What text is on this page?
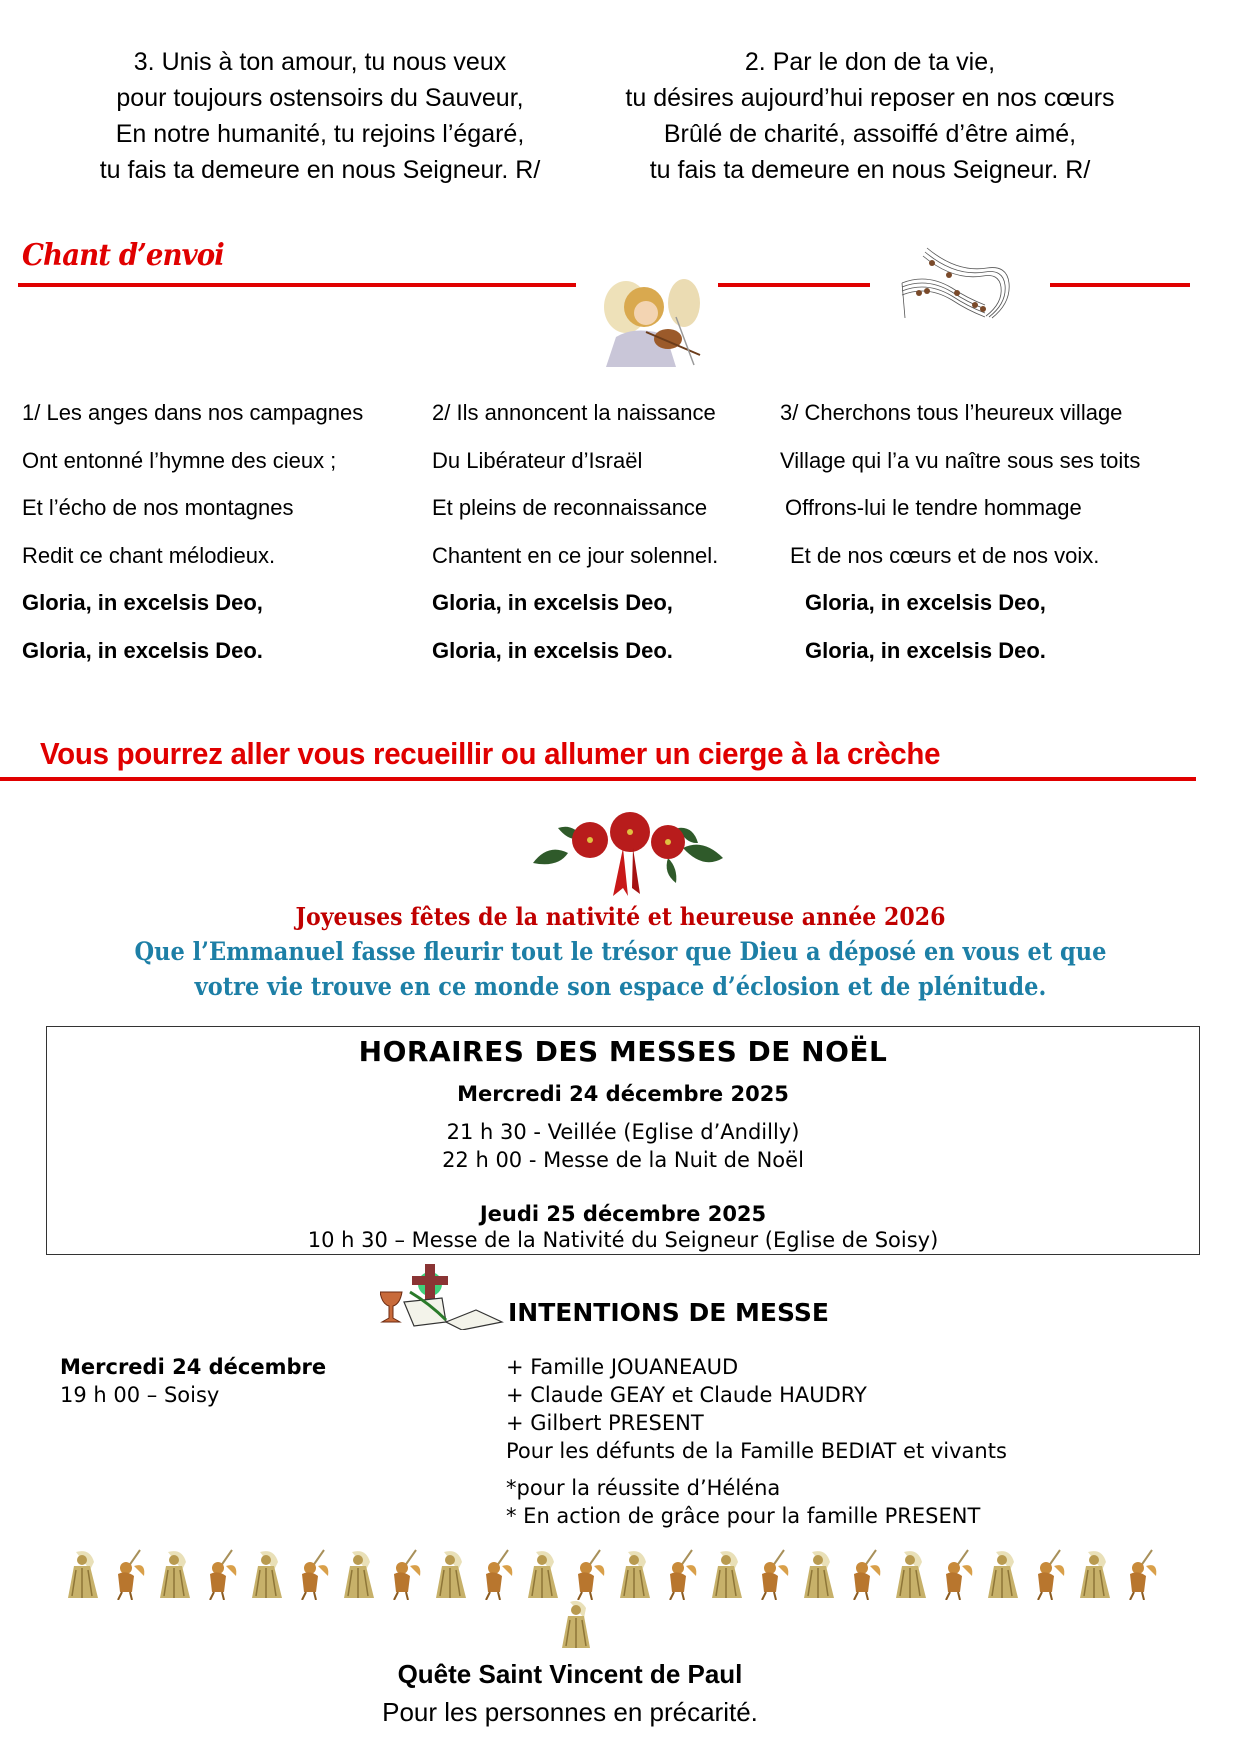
3. Unis à ton amour, tu nous veux
pour toujours ostensoirs du Sauveur,
En notre humanité, tu rejoins l’égaré,
tu fais ta demeure en nous Seigneur. R/
2. Par le don de ta vie,
tu désires aujourd’hui reposer en nos cœurs
Brûlé de charité, assoiffé d’être aimé,
tu fais ta demeure en nous Seigneur. R/
Chant d’envoi
1/ Les anges dans nos campagnes
Ont entonné l’hymne des cieux ;
Et l’écho de nos montagnes
Redit ce chant mélodieux.
Gloria, in excelsis Deo,
Gloria, in excelsis Deo.
2/ Ils annoncent la naissance
Du Libérateur d’Israël
Et pleins de reconnaissance
Chantent en ce jour solennel.
Gloria, in excelsis Deo,
Gloria, in excelsis Deo.
3/ Cherchons tous l’heureux village
Village qui l’a vu naître sous ses toits
Offrons-lui le tendre hommage
Et de nos cœurs et de nos voix.
Gloria, in excelsis Deo,
Gloria, in excelsis Deo.
Vous pourrez aller vous recueillir ou allumer un cierge à la crèche
Joyeuses fêtes de la nativité et heureuse année 2026
Que l’Emmanuel fasse fleurir tout le trésor que Dieu a déposé en vous et que
votre vie trouve en ce monde son espace d’éclosion et de plénitude.
HORAIRES DES MESSES DE NOËL
Mercredi 24 décembre 2025
21 h 30 - Veillée (Eglise d’Andilly)
22 h 00 - Messe de la Nuit de Noël
Jeudi 25 décembre 2025
10 h 30 – Messe de la Nativité du Seigneur (Eglise de Soisy)
INTENTIONS DE MESSE
Mercredi 24 décembre
19 h 00 – Soisy
+ Famille JOUANEAUD
+ Claude GEAY et Claude HAUDRY
+ Gilbert PRESENT
Pour les défunts de la Famille BEDIAT et vivants
*pour la réussite d’Héléna
* En action de grâce pour la famille PRESENT
Quête Saint Vincent de Paul
Pour les personnes en précarité.
